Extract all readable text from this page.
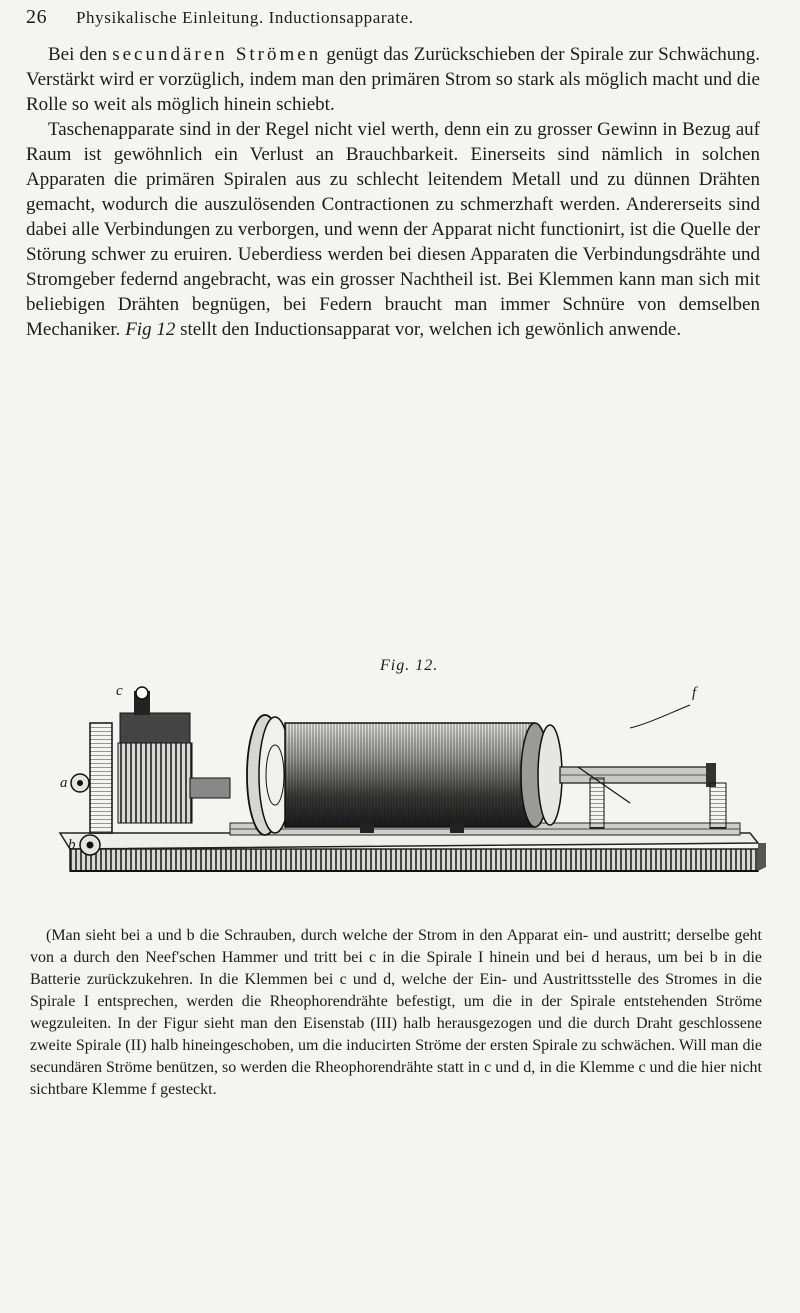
26 Physikalische Einleitung. Inductionsapparate.

Bei den secundären Strömen genügt das Zurückschieben der Spirale zur Schwächung. Verstärkt wird er vorzüglich, indem man den primären Strom so stark als möglich macht und die Rolle so weit als möglich hinein schiebt.

Taschenapparate sind in der Regel nicht viel werth, denn ein zu grosser Gewinn in Bezug auf Raum ist gewöhnlich ein Verlust an Brauchbarkeit. Einerseits sind nämlich in solchen Apparaten die primären Spiralen aus zu schlecht leitendem Metall und zu dünnen Drähten gemacht, wodurch die auszulösenden Contractionen zu schmerzhaft werden. Andererseits sind dabei alle Verbindungen zu verborgen, und wenn der Apparat nicht functionirt, ist die Quelle der Störung schwer zu eruiren. Ueberdiess werden bei diesen Apparaten die Verbindungsdrähte und Stromgeber federnd angebracht, was ein grosser Nachtheil ist. Bei Klemmen kann man sich mit beliebigen Drähten begnügen, bei Federn braucht man immer Schnüre von demselben Mechaniker. Fig 12 stellt den Inductionsapparat vor, welchen ich gewönlich anwende.

Fig. 12.
c	f
a
b

(Man sieht bei a und b die Schrauben, durch welche der Strom in den Apparat ein- und austritt; derselbe geht von a durch den Neef'schen Hammer und tritt bei c in die Spirale I hinein und bei d heraus, um bei b in die Batterie zurückzukehren. In die Klemmen bei c und d, welche der Ein- und Austrittsstelle des Stromes in die Spirale I entsprechen, werden die Rheophorendrähte befestigt, um die in der Spirale entstehenden Ströme wegzuleiten. In der Figur sieht man den Eisenstab (III) halb herausgezogen und die durch Draht geschlossene zweite Spirale (II) halb hineingeschoben, um die inducirten Ströme der ersten Spirale zu schwächen. Will man die secundären Ströme benützen, so werden die Rheophorendrähte statt in c und d, in die Klemme c und die hier nicht sichtbare Klemme f gesteckt.
